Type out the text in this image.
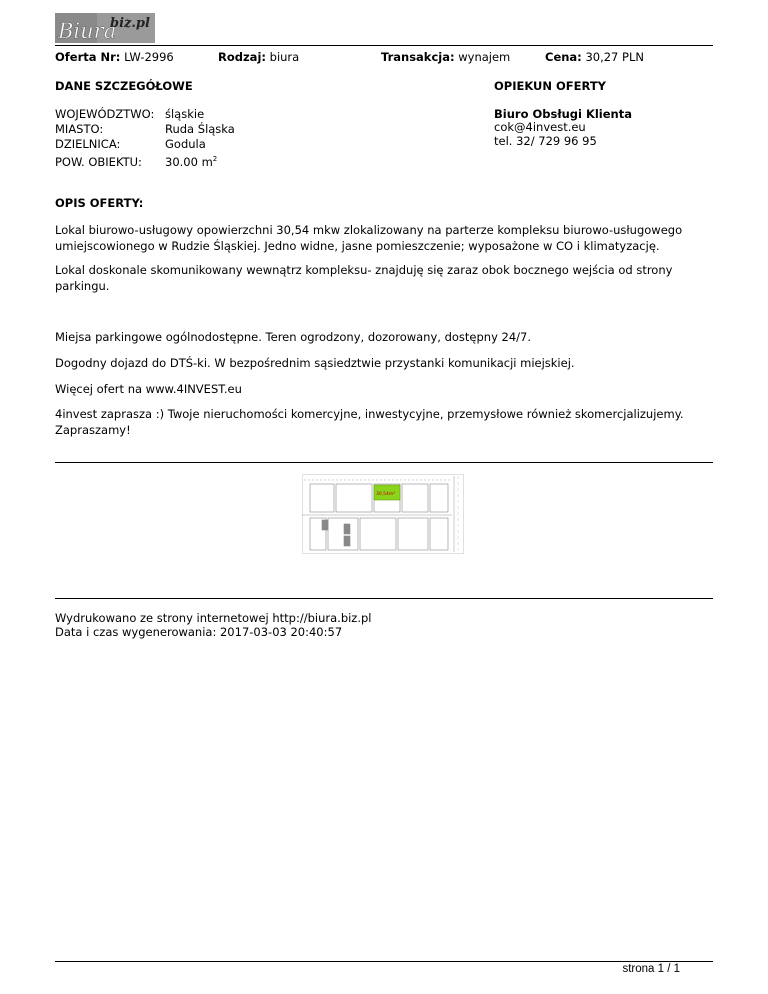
Biura
biz.pl
Oferta Nr: LW-2996	Rodzaj: biura	Transakcja: wynajem	Cena: 30,27 PLN
DANE SZCZEGÓŁOWE	OPIEKUN OFERTY
WOJEWÓDZTWO: śląskie
MIASTO:	Ruda Śląska
DZIELNICA:	Godula
POW. OBIEKTU: 30.00 $m^2$
Biuro Obsługi Klienta
cok@4invest.eu
tel. 32/ 729 96 95
OPIS OFERTY:

Lokal biurowo-usługowy opowierzchni 30,54 mkw zlokalizowany na parterze kompleksu biurowo-usługowego umiejscowionego w Rudzie Śląskiej. Jedno widne, jasne pomieszczenie; wyposażone w CO i klimatyzację.

Lokal doskonale skomunikowany wewnątrz kompleksu- znajduję się zaraz obok bocznego wejścia od strony parkingu.

Miejsa parkingowe ogólnodostępne. Teren ogrodzony, dozorowany, dostępny 24/7.

Dogodny dojazd do DTŚ-ki. W bezpośrednim sąsiedztwie przystanki komunikacji miejskiej.

Więcej ofert na www.4INVEST.eu

4invest zaprasza :) Twoje nieruchomości komercyjne, inwestycyjne, przemysłowe również skomercjalizujemy. Zapraszamy!

30,54m²
Wydrukowano ze strony internetowej http://biura.biz.pl
Data i czas wygenerowania: 2017-03-03 20:40:57
strona 1 / 1
